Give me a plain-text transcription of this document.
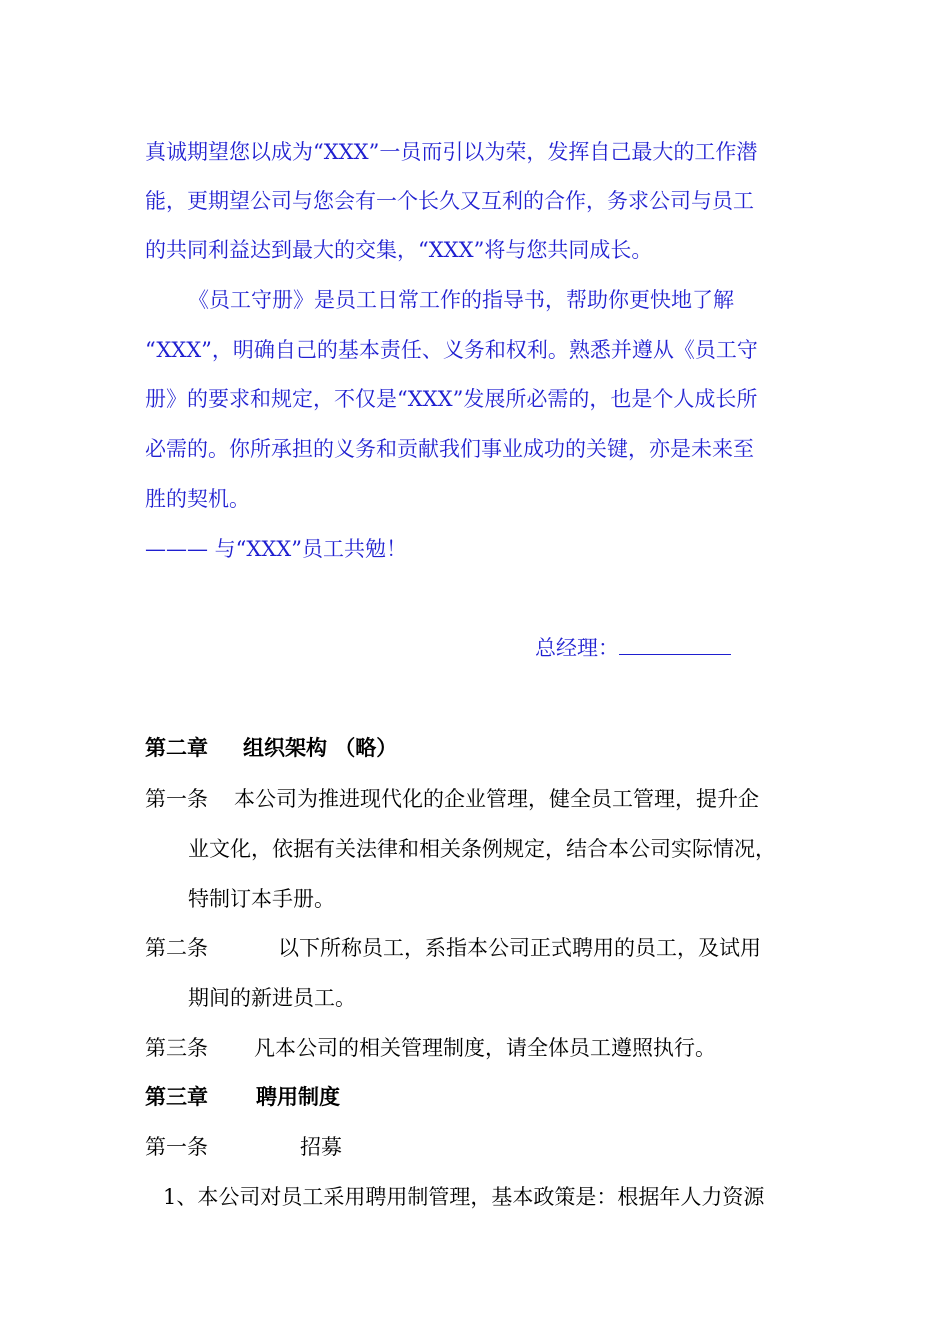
真诚期望您以成为“XXX”一员而引以为荣，发挥自己最大的工作潜
能，更期望公司与您会有一个长久又互利的合作，务求公司与员工
的共同利益达到最大的交集，“XXX”将与您共同成长。
《员工守册》是员工日常工作的指导书，帮助你更快地了解
“XXX”，明确自己的基本责任、义务和权利。熟悉并遵从《员工守
册》的要求和规定，不仅是“XXX”发展所必需的，也是个人成长所
必需的。你所承担的义务和贡献我们事业成功的关键，亦是未来至
胜的契机。
——— 与“XXX”员工共勉！
总经理：
第二章 组织架构 （略）
第一条 本公司为推进现代化的企业管理，健全员工管理，提升企
业文化，依据有关法律和相关条例规定，结合本公司实际情况，
特制订本手册。
第二条	以下所称员工，系指本公司正式聘用的员工，及试用
期间的新进员工。
第三条 凡本公司的相关管理制度，请全体员工遵照执行。
第三章 聘用制度
第一条	招募
1、本公司对员工采用聘用制管理，基本政策是：根据年人力资源
